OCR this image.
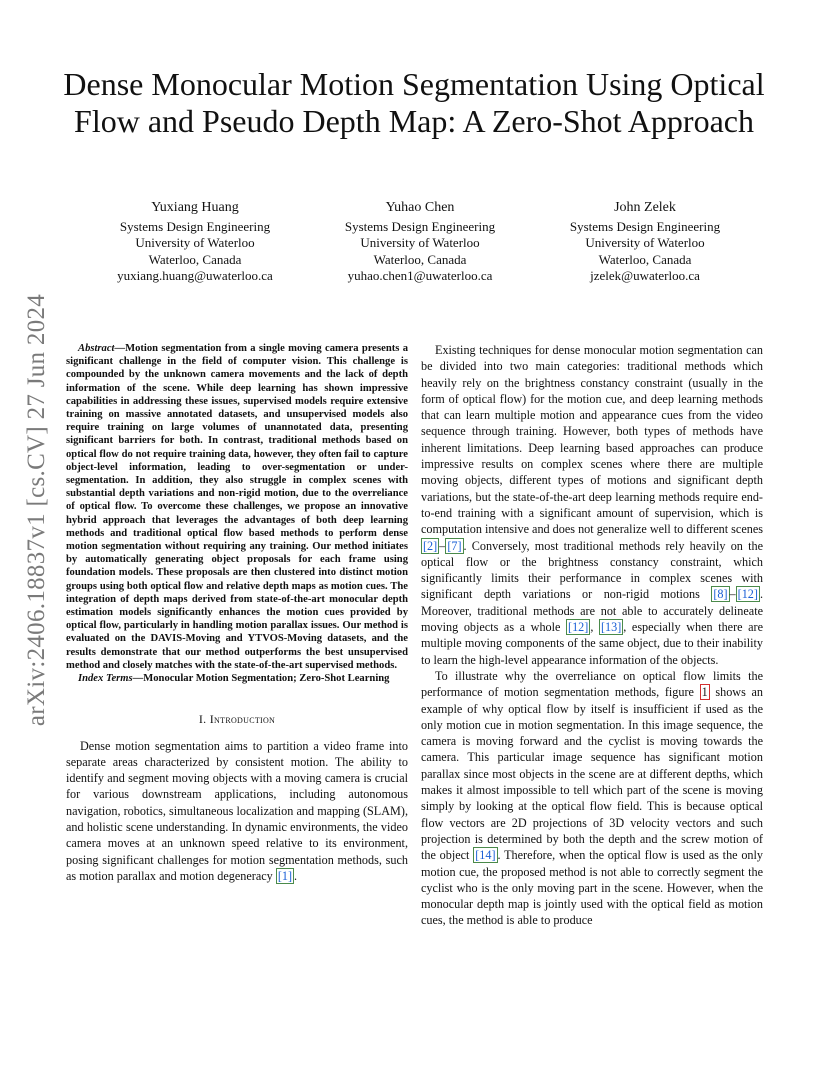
arXiv:2406.18837v1 [cs.CV] 27 Jun 2024
Dense Monocular Motion Segmentation Using Optical Flow and Pseudo Depth Map: A Zero-Shot Approach
Yuxiang Huang
Systems Design Engineering
University of Waterloo
Waterloo, Canada
yuxiang.huang@uwaterloo.ca
Yuhao Chen
Systems Design Engineering
University of Waterloo
Waterloo, Canada
yuhao.chen1@uwaterloo.ca
John Zelek
Systems Design Engineering
University of Waterloo
Waterloo, Canada
jzelek@uwaterloo.ca

Abstract—Motion segmentation from a single moving camera presents a significant challenge in the field of computer vision. This challenge is compounded by the unknown camera movements and the lack of depth information of the scene. While deep learning has shown impressive capabilities in addressing these issues, supervised models require extensive training on massive annotated datasets, and unsupervised models also require training on large volumes of unannotated data, presenting significant barriers for both. In contrast, traditional methods based on optical flow do not require training data, however, they often fail to capture object-level information, leading to over-segmentation or under-segmentation. In addition, they also struggle in complex scenes with substantial depth variations and non-rigid motion, due to the overreliance of optical flow. To overcome these challenges, we propose an innovative hybrid approach that leverages the advantages of both deep learning methods and traditional optical flow based methods to perform dense motion segmentation without requiring any training. Our method initiates by automatically generating object proposals for each frame using foundation models. These proposals are then clustered into distinct motion groups using both optical flow and relative depth maps as motion cues. The integration of depth maps derived from state-of-the-art monocular depth estimation models significantly enhances the motion cues provided by optical flow, particularly in handling motion parallax issues. Our method is evaluated on the DAVIS-Moving and YTVOS-Moving datasets, and the results demonstrate that our method outperforms the best unsupervised method and closely matches with the state-of-the-art supervised methods.

Index Terms—Monocular Motion Segmentation; Zero-Shot Learning

I. Introduction

Dense motion segmentation aims to partition a video frame into separate areas characterized by consistent motion. The ability to identify and segment moving objects with a moving camera is crucial for various downstream applications, including autonomous navigation, robotics, simultaneous localization and mapping (SLAM), and holistic scene understanding. In dynamic environments, the video camera moves at an unknown speed relative to its environment, posing significant challenges for motion segmentation methods, such as motion parallax and motion degeneracy [1] .

Existing techniques for dense monocular motion segmentation can be divided into two main categories: traditional methods which heavily rely on the brightness constancy constraint (usually in the form of optical flow) for the motion cue, and deep learning methods that can learn multiple motion and appearance cues from the video sequence through training. However, both types of methods have inherent limitations. Deep learning based approaches can produce impressive results on complex scenes where there are multiple moving objects, different types of motions and significant depth variations, but the state-of-the-art deep learning methods require end-to-end training with a significant amount of supervision, which is computation intensive and does not generalize well to different scenes [2] – [7] . Conversely, most traditional methods rely heavily on the optical flow or the brightness constancy constraint, which significantly limits their performance in complex scenes with significant depth variations or non-rigid motions [8] – [12] . Moreover, traditional methods are not able to accurately delineate moving objects as a whole [12] , [13] , especially when there are multiple moving components of the same object, due to their inability to learn the high-level appearance information of the objects.

To illustrate why the overreliance on optical flow limits the performance of motion segmentation methods, figure 1 shows an example of why optical flow by itself is insufficient if used as the only motion cue in motion segmentation. In this image sequence, the camera is moving forward and the cyclist is moving towards the camera. This particular image sequence has significant motion parallax since most objects in the scene are at different depths, which makes it almost impossible to tell which part of the scene is moving simply by looking at the optical flow field. This is because optical flow vectors are 2D projections of 3D velocity vectors and such projection is determined by both the depth and the screw motion of the object [14] . Therefore, when the optical flow is used as the only motion cue, the proposed method is not able to correctly segment the cyclist who is the only moving part in the scene. However, when the monocular depth map is jointly used with the optical field as motion cues, the method is able to produce
